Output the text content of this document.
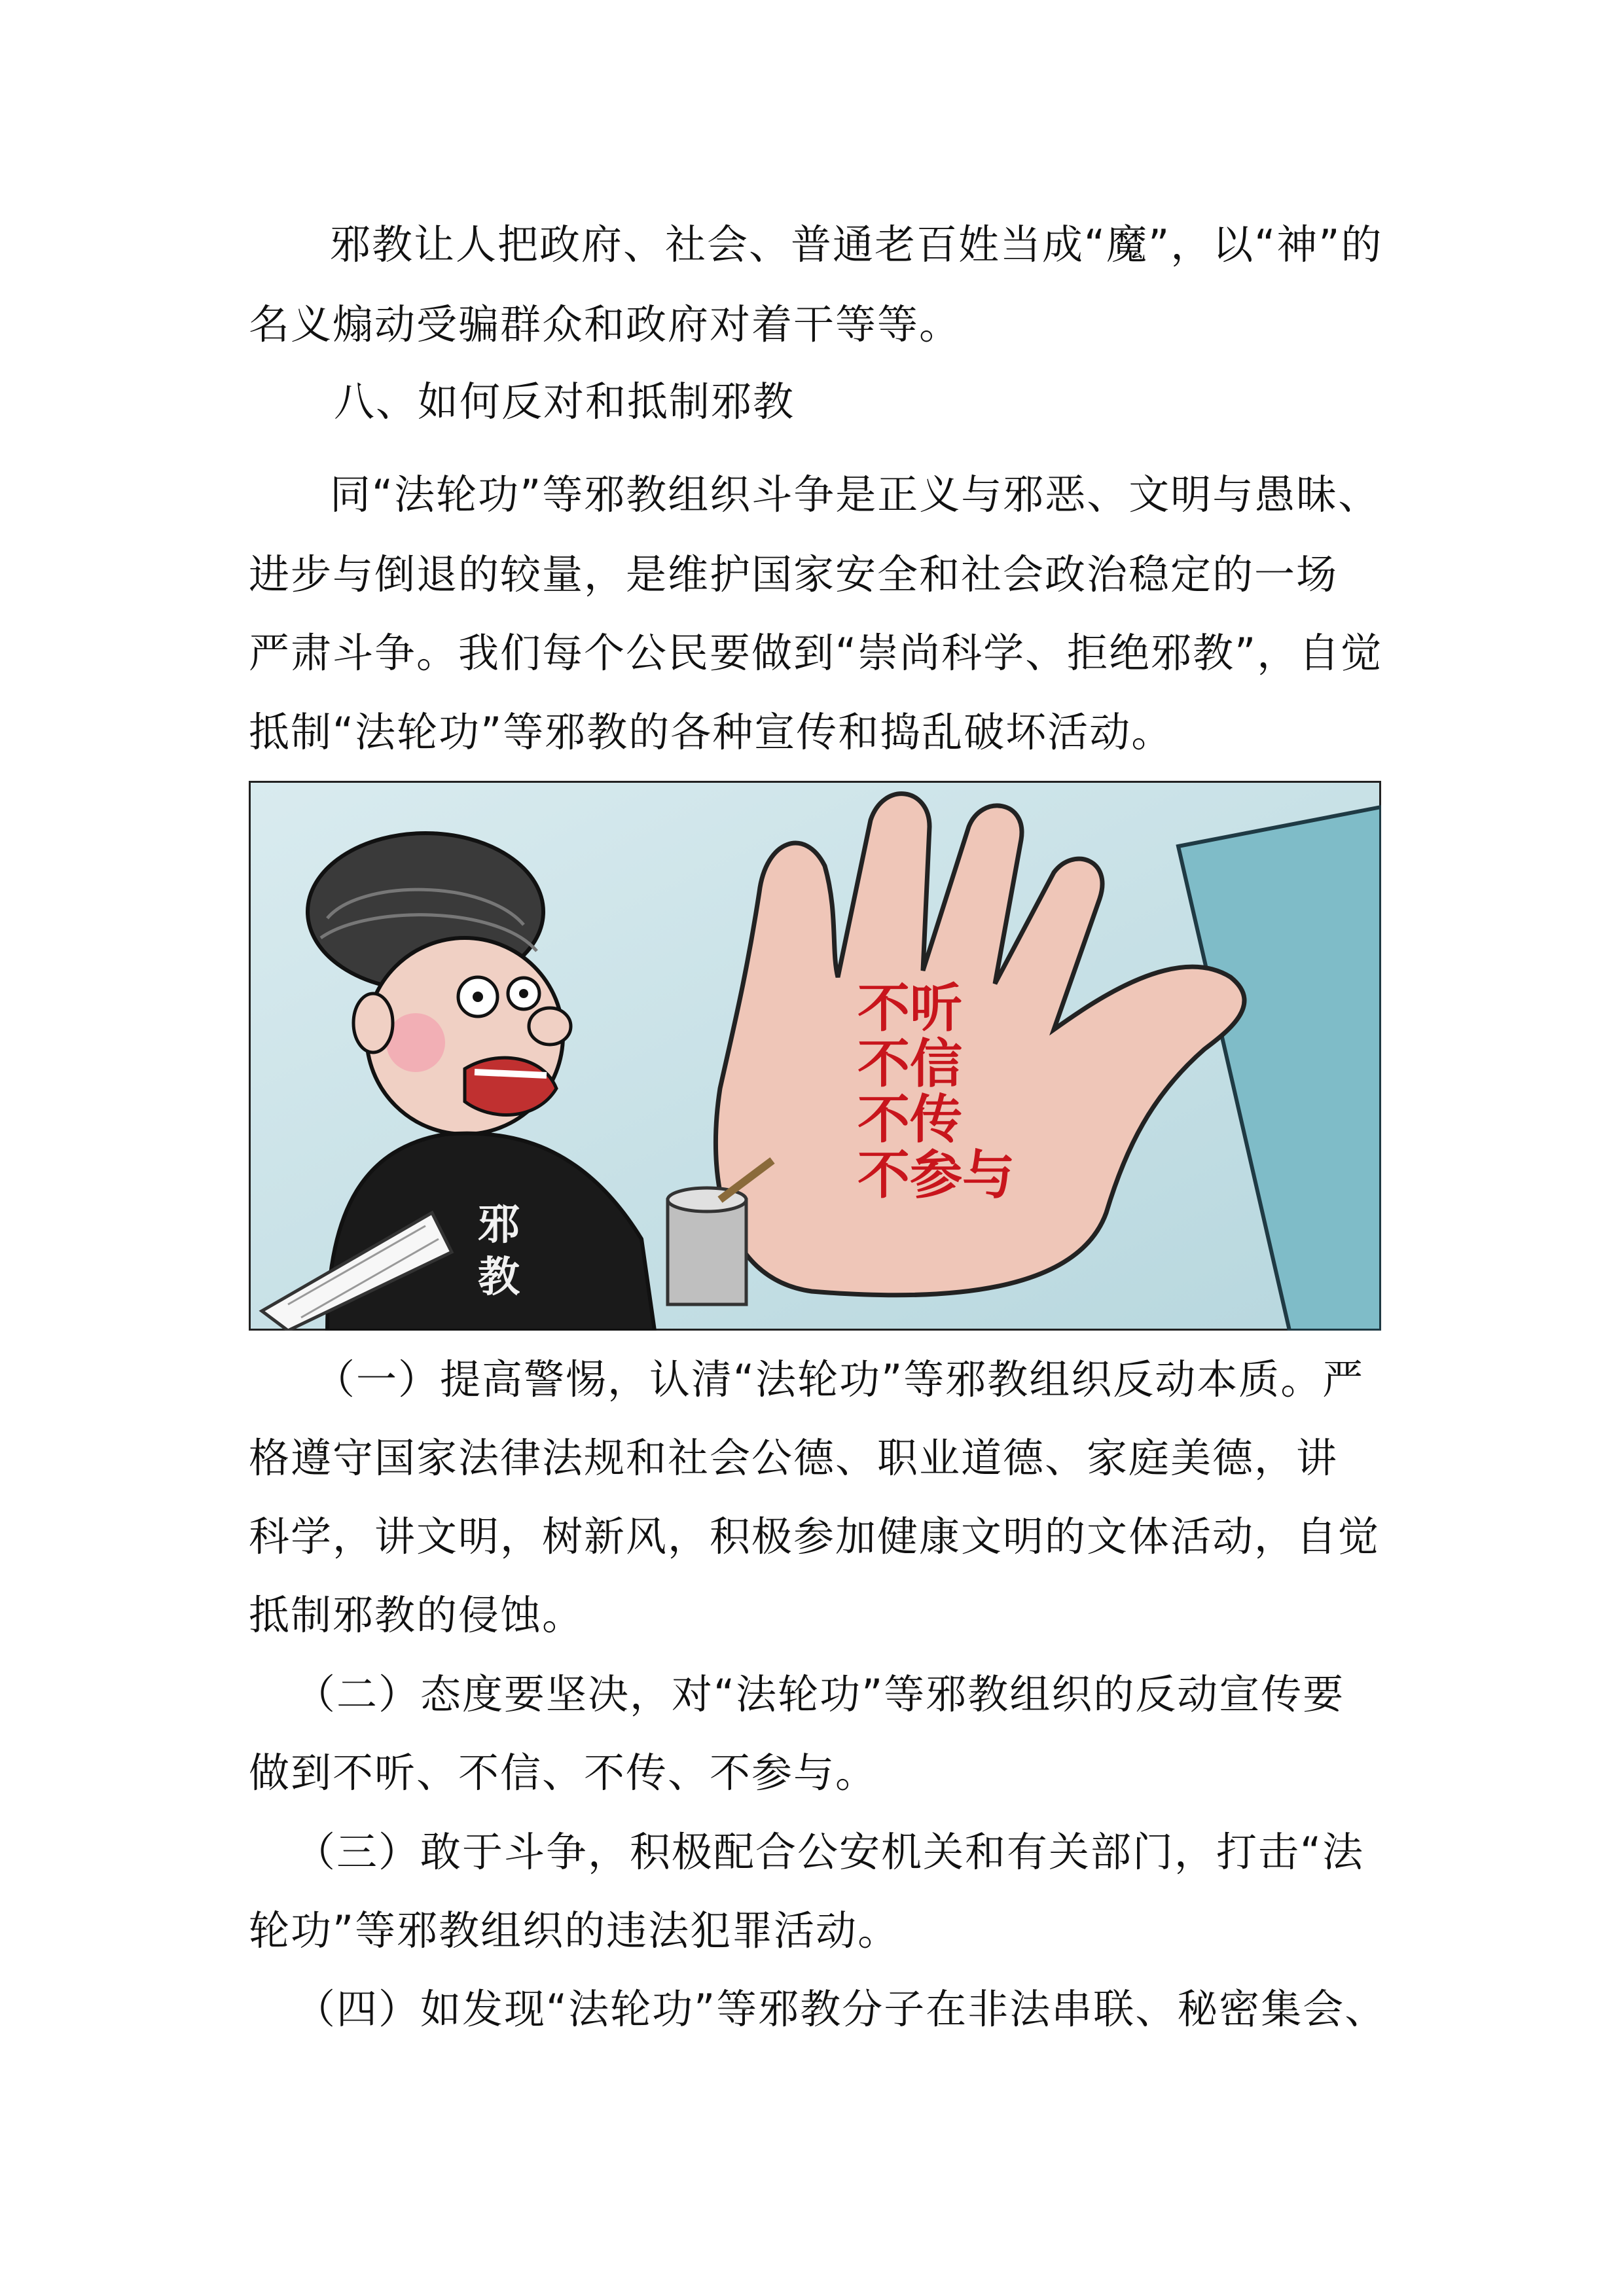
邪教让人把政府、社会、普通老百姓当成“魔”，以“神”的

名义煽动受骗群众和政府对着干等等。

八、如何反对和抵制邪教

同“法轮功”等邪教组织斗争是正义与邪恶、文明与愚昧、

进步与倒退的较量，是维护国家安全和社会政治稳定的一场

严肃斗争。我们每个公民要做到“崇尚科学、拒绝邪教”，自觉

抵制“法轮功”等邪教的各种宣传和捣乱破坏活动。

不听
不信
不传
不参与
邪
教

（一）提高警惕，认清“法轮功”等邪教组织反动本质。严

格遵守国家法律法规和社会公德、职业道德、家庭美德，讲

科学，讲文明，树新风，积极参加健康文明的文体活动，自觉

抵制邪教的侵蚀。

（二）态度要坚决，对“法轮功”等邪教组织的反动宣传要

做到不听、不信、不传、不参与。

（三）敢于斗争，积极配合公安机关和有关部门，打击“法

轮功”等邪教组织的违法犯罪活动。

（四）如发现“法轮功”等邪教分子在非法串联、秘密集会、
